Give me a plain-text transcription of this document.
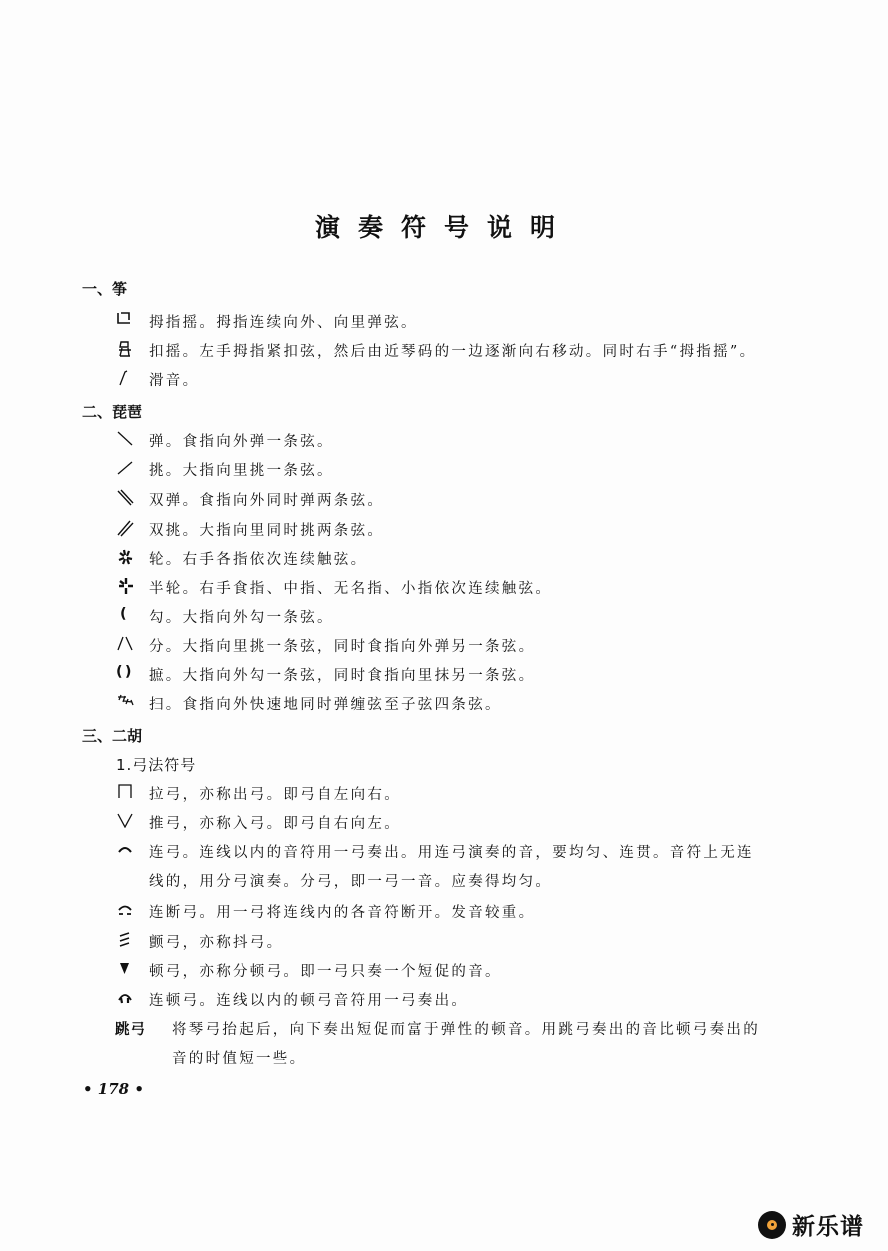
演奏符号说明
一、筝
拇指摇。拇指连续向外、向里弹弦。
扣摇。左手拇指紧扣弦，然后由近琴码的一边逐渐向右移动。同时右手“拇指摇”。
滑音。
二、琵琶
弹。食指向外弹一条弦。
挑。大指向里挑一条弦。
双弹。食指向外同时弹两条弦。
双挑。大指向里同时挑两条弦。
轮。右手各指依次连续触弦。
半轮。右手食指、中指、无名指、小指依次连续触弦。
(	勾。大指向外勾一条弦。
分。大指向里挑一条弦，同时食指向外弹另一条弦。
()	摭。大指向外勾一条弦，同时食指向里抹另一条弦。
扫。食指向外快速地同时弹缠弦至子弦四条弦。
三、二胡
1.弓法符号
拉弓，亦称出弓。即弓自左向右。
推弓，亦称入弓。即弓自右向左。
连弓。连线以内的音符用一弓奏出。用连弓演奏的音，要均匀、连贯。音符上无连
线的，用分弓演奏。分弓，即一弓一音。应奏得均匀。
连断弓。用一弓将连线内的各音符断开。发音较重。
颤弓，亦称抖弓。
顿弓，亦称分顿弓。即一弓只奏一个短促的音。
连顿弓。连线以内的顿弓音符用一弓奏出。
跳弓	将琴弓抬起后，向下奏出短促而富于弹性的顿音。用跳弓奏出的音比顿弓奏出的
音的时值短一些。
• 178 •
新乐谱
